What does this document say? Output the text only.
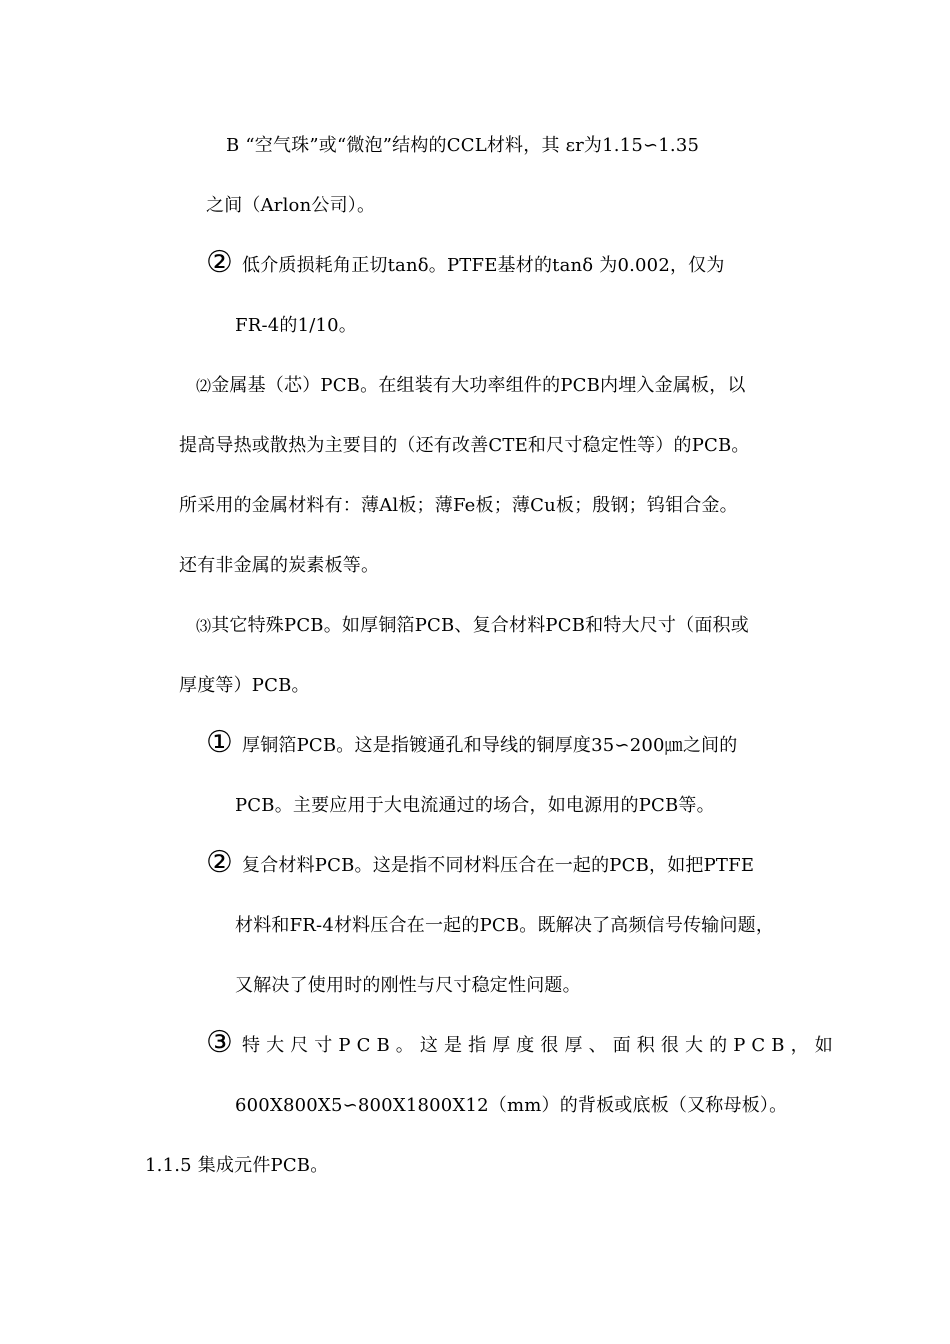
B “空气珠”或“微泡”结构的CCL材料，其 εr为1.15∽1.35
之间（Arlon公司）。
② 低介质损耗角正切tanδ。PTFE基材的tanδ 为0.002，仅为
FR-4的1/10。
⑵金属基（芯）PCB。在组装有大功率组件的PCB内埋入金属板，以
提高导热或散热为主要目的（还有改善CTE和尺寸稳定性等）的PCB。
所采用的金属材料有：薄Al板；薄Fe板；薄Cu板；殷钢；钨钼合金。
还有非金属的炭素板等。
⑶其它特殊PCB。如厚铜箔PCB、复合材料PCB和特大尺寸（面积或
厚度等）PCB。
① 厚铜箔PCB。这是指镀通孔和导线的铜厚度35∽200㎛之间的
PCB。主要应用于大电流通过的场合，如电源用的PCB等。
② 复合材料PCB。这是指不同材料压合在一起的PCB，如把PTFE
材料和FR-4材料压合在一起的PCB。既解决了高频信号传输问题，
又解决了使用时的刚性与尺寸稳定性问题。
③ 特大尺寸PCB。这是指厚度很厚、面积很大的PCB，如
600X800X5∽800X1800X12（mm）的背板或底板（又称母板）。
1.1.5 集成元件PCB。
